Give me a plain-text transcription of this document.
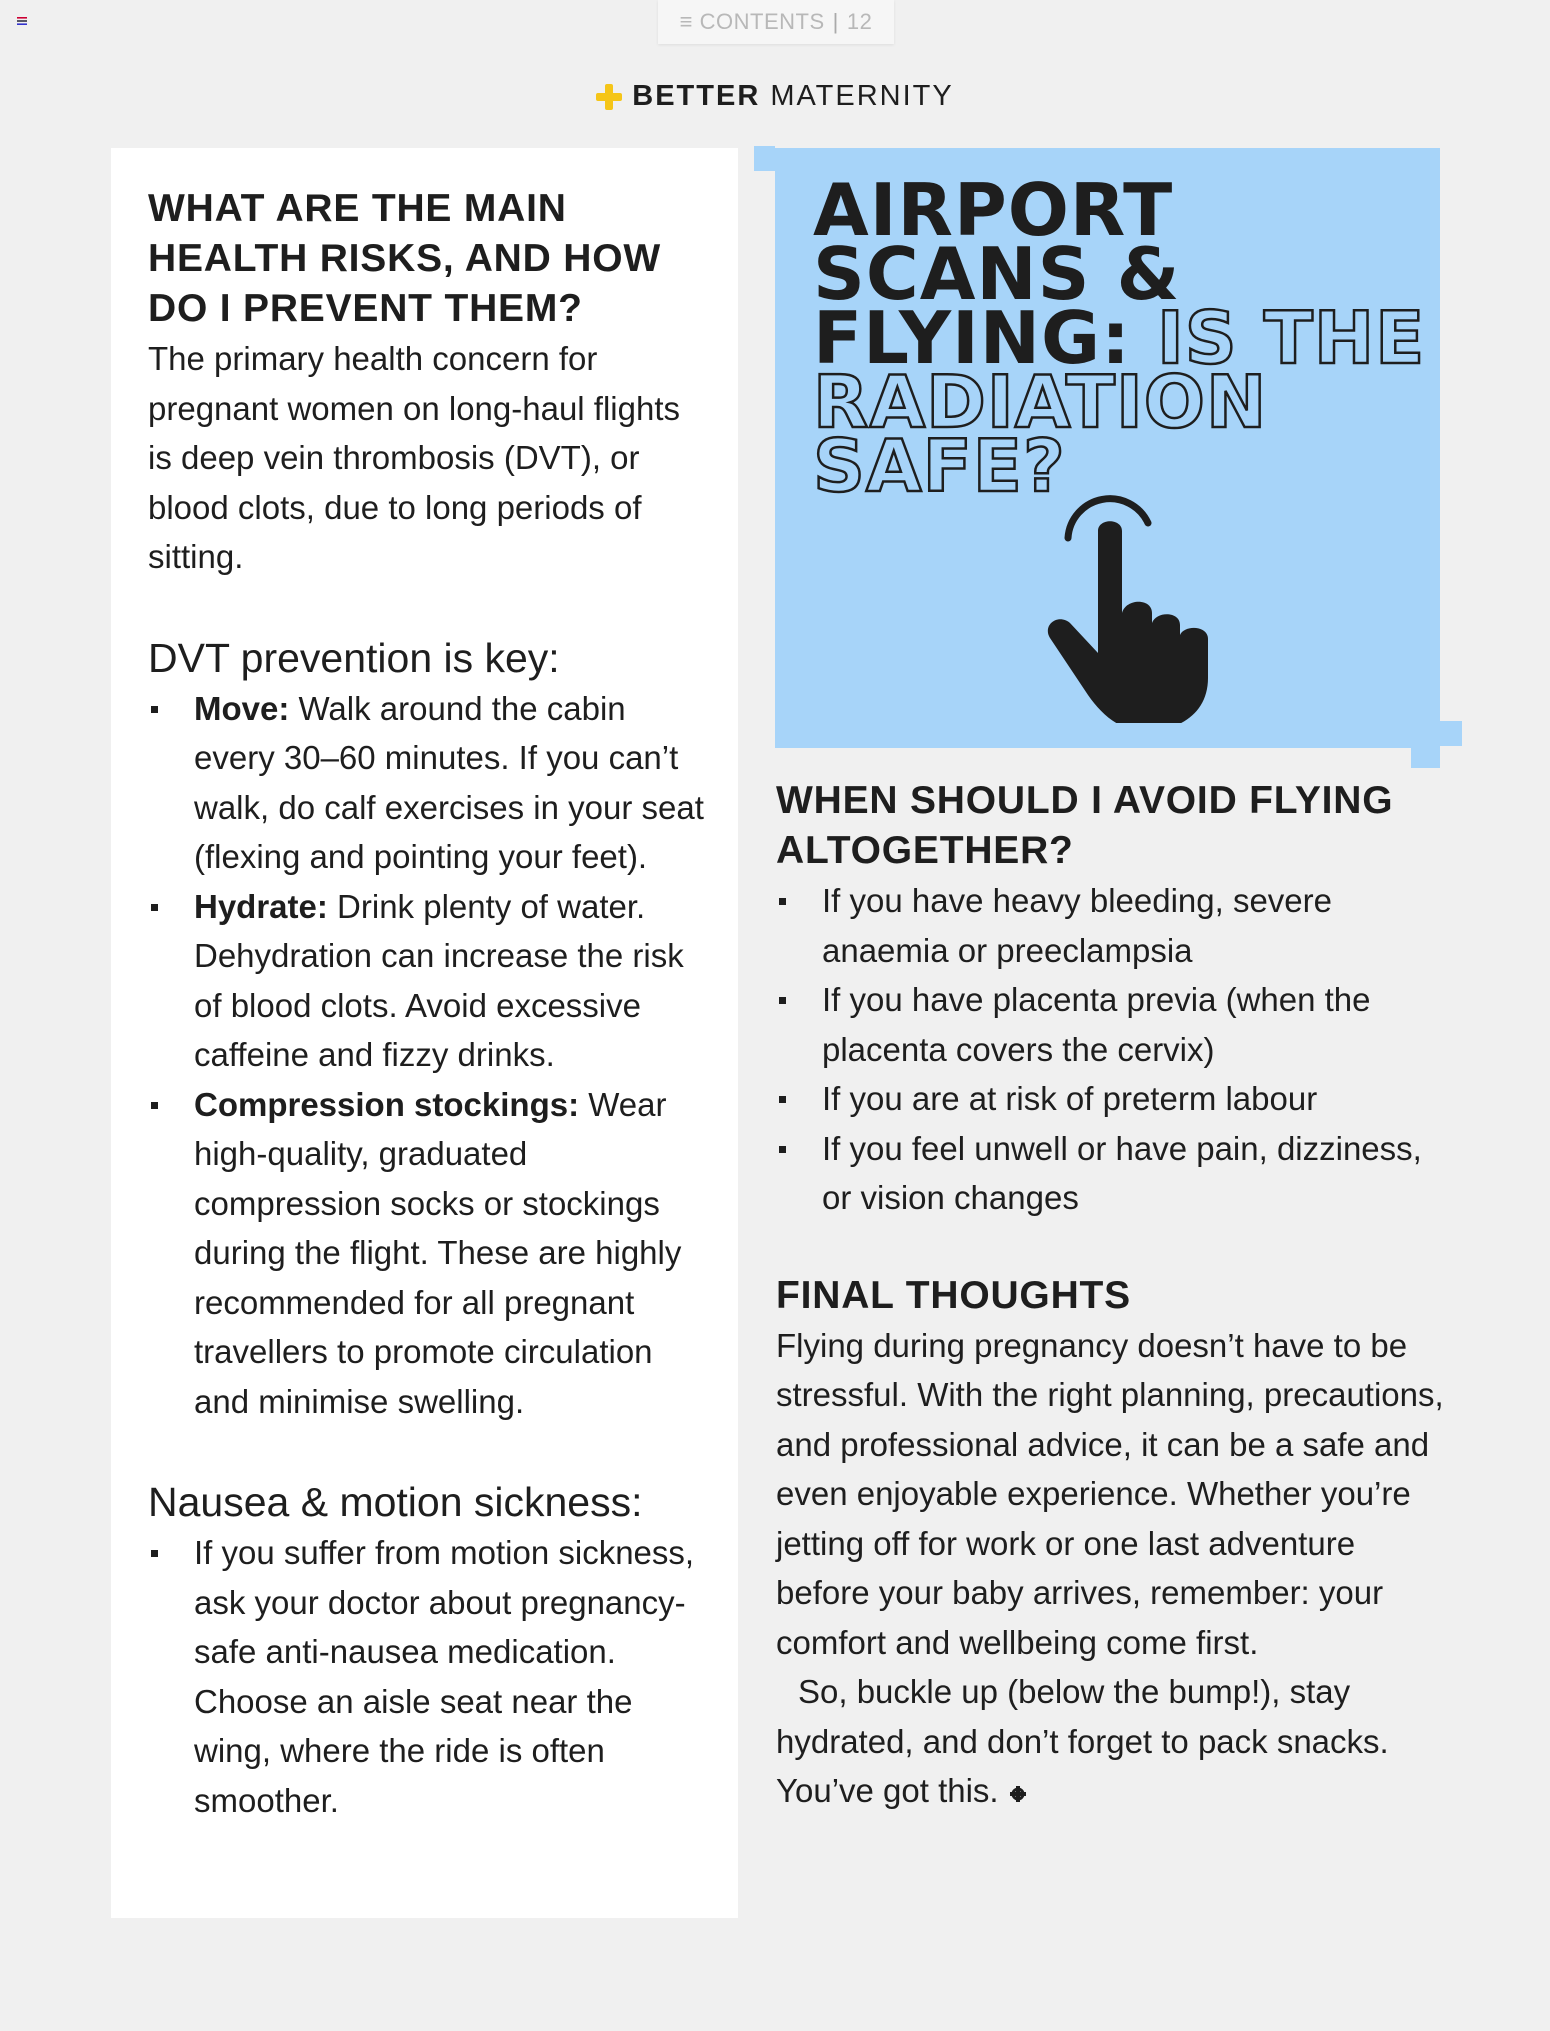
≡ CONTENTS | 12
BETTER MATERNITY
WHAT ARE THE MAIN HEALTH RISKS, AND HOW DO I PREVENT THEM?

The primary health concern for pregnant women on long-haul flights is deep vein thrombosis (DVT), or blood clots, due to long periods of sitting.

DVT prevention is key:
Move: Walk around the cabin every 30–60 minutes. If you can’t walk, do calf exercises in your seat (flexing and pointing your feet).
Hydrate: Drink plenty of water. Dehydration can increase the risk of blood clots. Avoid excessive caffeine and fizzy drinks.
Compression stockings: Wear high-quality, graduated compression socks or stockings during the flight. These are highly recommended for all pregnant travellers to promote circulation and minimise swelling.
Nausea & motion sickness:
If you suffer from motion sickness, ask your doctor about pregnancy-safe anti-nausea medication. Choose an aisle seat near the wing, where the ride is often smoother.
AIRPORT
SCANS &
FLYING: IS THE
RADIATION
SAFE?
WHEN SHOULD I AVOID FLYING ALTOGETHER?
If you have heavy bleeding, severe anaemia or preeclampsia
If you have placenta previa (when the placenta covers the cervix)
If you are at risk of preterm labour
If you feel unwell or have pain, dizziness, or vision changes
FINAL THOUGHTS

Flying during pregnancy doesn’t have to be stressful. With the right planning, precautions, and professional advice, it can be a safe and even enjoyable experience. Whether you’re jetting off for work or one last adventure before your baby arrives, remember: your comfort and wellbeing come first.

So, buckle up (below the bump!), stay hydrated, and don’t forget to pack snacks. You’ve got this.
